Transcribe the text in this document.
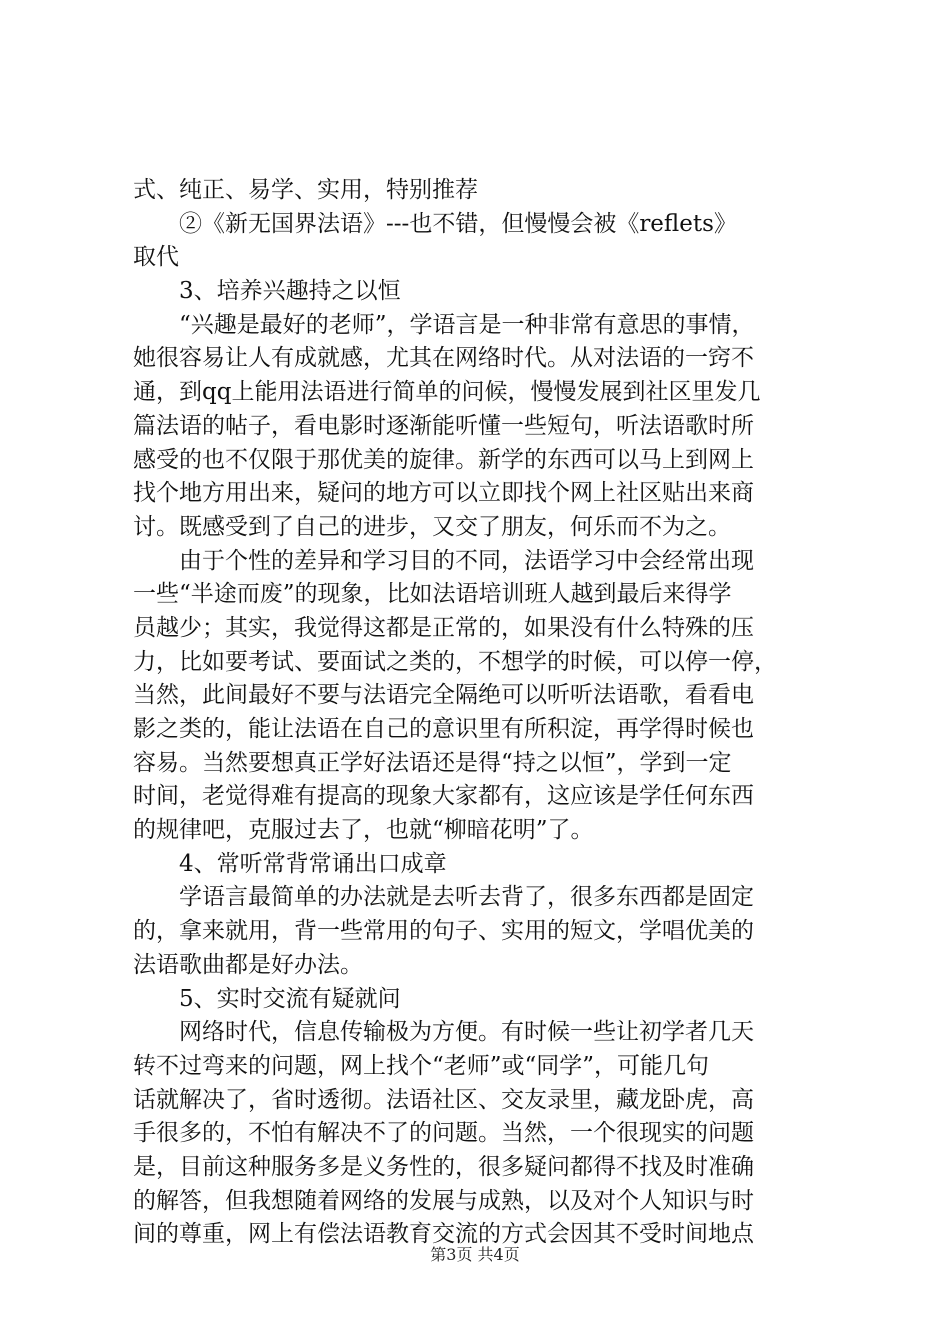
式、纯正、易学、实用，特别推荐
　　②《新无国界法语》---也不错，但慢慢会被《reflets》
取代
　　3、培养兴趣持之以恒
　　“兴趣是最好的老师”，学语言是一种非常有意思的事情，
她很容易让人有成就感，尤其在网络时代。从对法语的一窍不
通，到qq上能用法语进行简单的问候，慢慢发展到社区里发几
篇法语的帖子，看电影时逐渐能听懂一些短句，听法语歌时所
感受的也不仅限于那优美的旋律。新学的东西可以马上到网上
找个地方用出来，疑问的地方可以立即找个网上社区贴出来商
讨。既感受到了自己的进步，又交了朋友，何乐而不为之。
　　由于个性的差异和学习目的不同，法语学习中会经常出现
一些“半途而废”的现象，比如法语培训班人越到最后来得学
员越少；其实，我觉得这都是正常的，如果没有什么特殊的压
力，比如要考试、要面试之类的，不想学的时候，可以停一停，
当然，此间最好不要与法语完全隔绝可以听听法语歌，看看电
影之类的，能让法语在自己的意识里有所积淀，再学得时候也
容易。当然要想真正学好法语还是得“持之以恒”，学到一定
时间，老觉得难有提高的现象大家都有，这应该是学任何东西
的规律吧，克服过去了，也就“柳暗花明”了。
　　4、常听常背常诵出口成章
　　学语言最简单的办法就是去听去背了，很多东西都是固定
的，拿来就用，背一些常用的句子、实用的短文，学唱优美的
法语歌曲都是好办法。
　　5、实时交流有疑就问
　　网络时代，信息传输极为方便。有时候一些让初学者几天
转不过弯来的问题，网上找个“老师”或“同学”，可能几句
话就解决了，省时透彻。法语社区、交友录里，藏龙卧虎，高
手很多的，不怕有解决不了的问题。当然，一个很现实的问题
是，目前这种服务多是义务性的，很多疑问都得不找及时准确
的解答，但我想随着网络的发展与成熟，以及对个人知识与时
间的尊重，网上有偿法语教育交流的方式会因其不受时间地点
第3页 共4页
